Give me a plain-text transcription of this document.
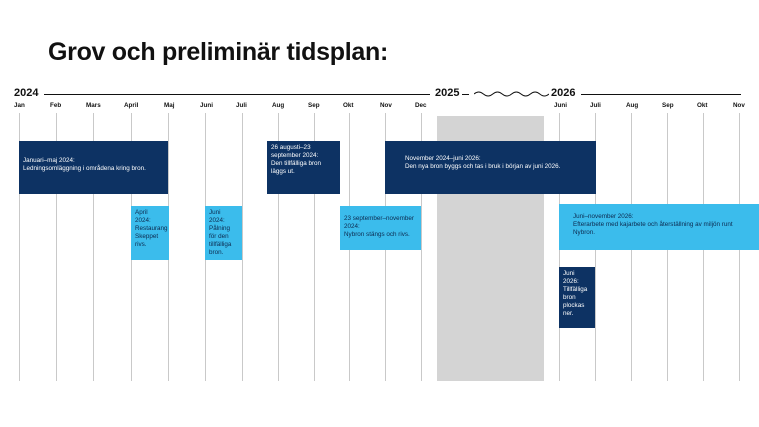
Grov och preliminär tidsplan:
2024	2025	2026
Jan	Feb	Mars	April	Maj	Juni	Juli	Aug	Sep	Okt	Nov	Dec	Juni	Juli	Aug	Sep	Okt	Nov
Januari–maj 2024:
Ledningsomläggning i områdena kring bron.
April 2024:
Restaurang Skeppet rivs.
Juni 2024:
Pålning för den tillfälliga bron.
26 augusti–23 september 2024:
Den tillfälliga bron läggs ut.
23 september–november 2024:
Nybron stängs och rivs.
November 2024–juni 2026:
Den nya bron byggs och tas i bruk i början av juni 2026.
Juni–november 2026:
Efterarbete med kajarbete och återställning av miljön runt Nybron.
Juni 2026:
Tillfälliga bron plockas ner.
